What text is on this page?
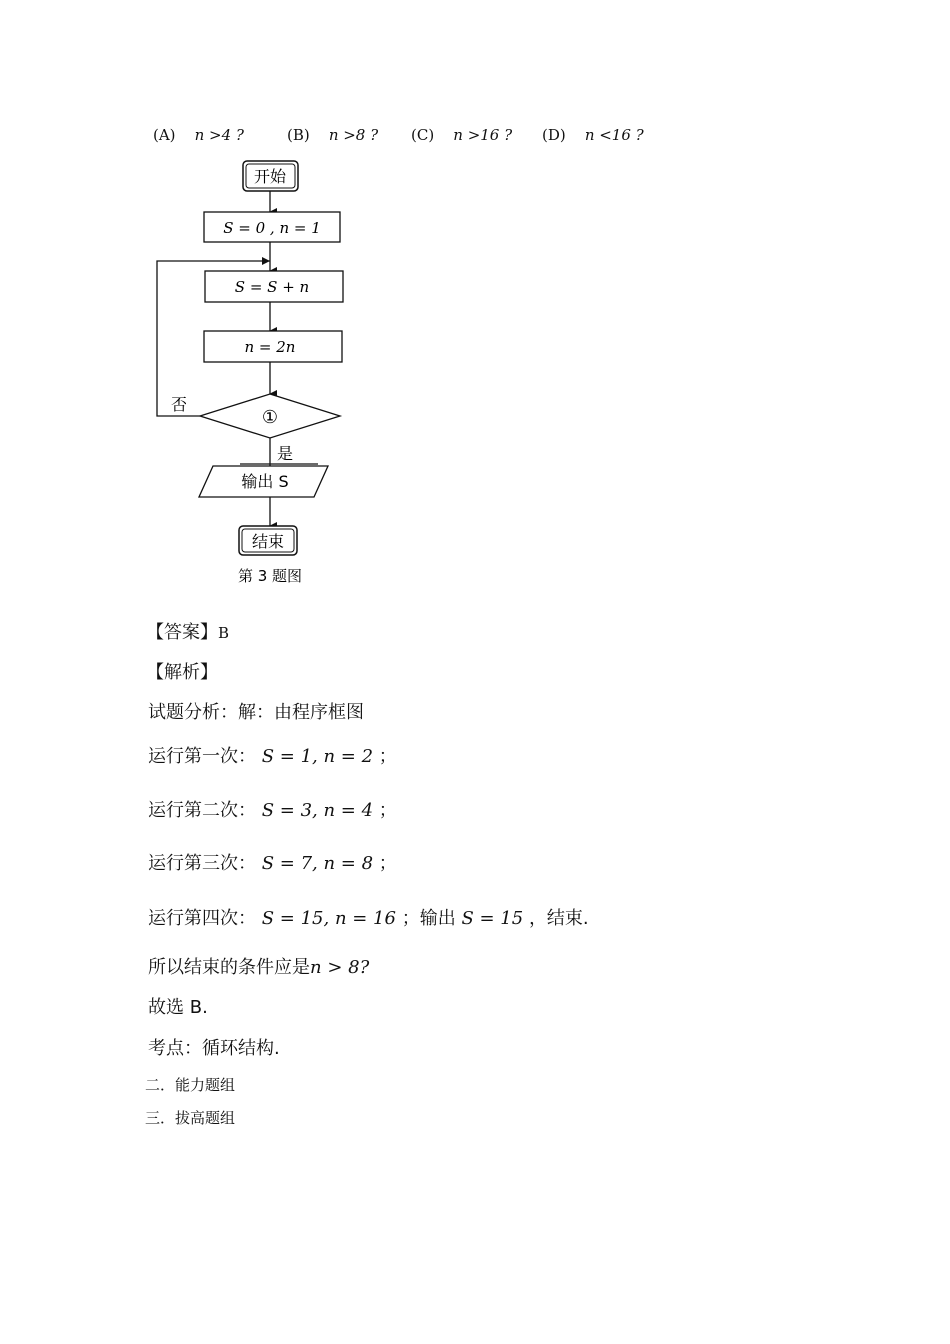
(A) n >4 ?	(B) n >8 ? (C) n >16 ? (D) n <16 ?
开始
S = 0 , n = 1
S = S + n
n = 2n
①
否
是
输出 S
结束
第 3 题图
【答案】B
【解析】
试题分析：解：由程序框图
运行第一次： S = 1, n = 2 ；
运行第二次： S = 3, n = 4 ；
运行第三次： S = 7, n = 8 ；
运行第四次： S = 15, n = 16 ；输出 S = 15 ，结束.
所以结束的条件应是n > 8?
故选 B.
考点：循环结构.
二．能力题组
三．拔高题组
